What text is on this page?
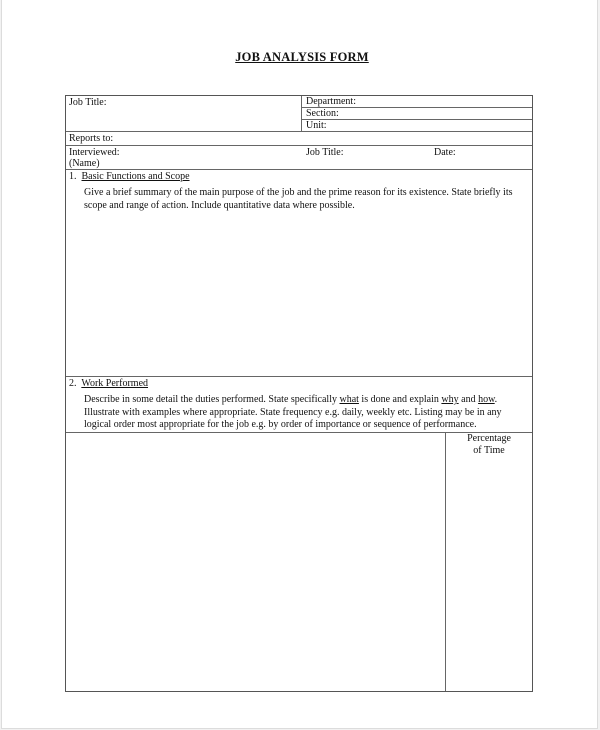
JOB ANALYSIS FORM
Job Title:	Department:
Section:
Unit:
Reports to:
Interviewed:
(Name)
Job Title:	Date:
1. Basic Functions and Scope
Give a brief summary of the main purpose of the job and the prime reason for its existence. State briefly its scope and range of action. Include quantitative data where possible.
2. Work Performed
Describe in some detail the duties performed. State specifically what is done and explain why and how. Illustrate with examples where appropriate. State frequency e.g. daily, weekly etc. Listing may be in any logical order most appropriate for the job e.g. by order of importance or sequence of performance.
Percentage
of Time
